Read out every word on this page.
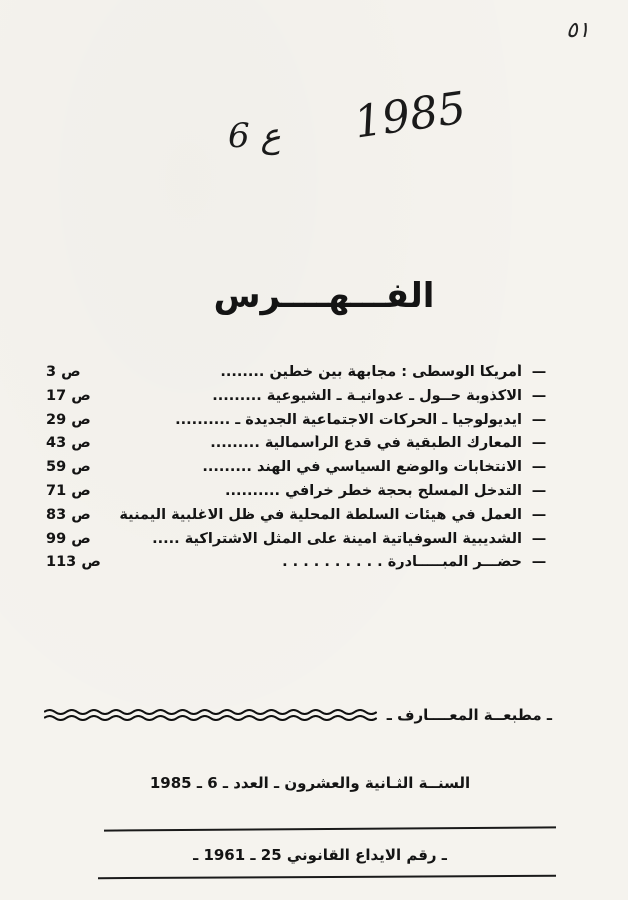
٥١
6 ع 1985
الفـــهــــرس
—
أمريكا الوسطى : مجابهة بين خطين ........
ص 3
—
الاكذوبة حــول ـ عدوانيـة ـ الشيوعية .........
ص 17
—
ايديولوجيا ـ الحركات الاجتماعية الجديدة ـ ..........
ص 29
—
المعارك الطبقية في قدع الرأسمالية .........
ص 43
—
الانتخابات والوضع السياسي في الهند .........
ص 59
—
التدخل المسلح بحجة خطر خرافي ..........
ص 71
—
العمل في هيئات السلطة المحلية في ظل الاغلبية اليمنية
ص 83
—
الشديبية السوفياتية امينة على المثل الاشتراكية .....
ص 99
—
حضـــر المبـــــادرة . . . . . . . . . .
ص 113
ـ مطبعــة المعــــارف ـ
السنــة الثـانية والعشرون ـ العدد ـ 6 ـ 1985
ـ رقم الايداع القانوني 25 ـ 1961 ـ
